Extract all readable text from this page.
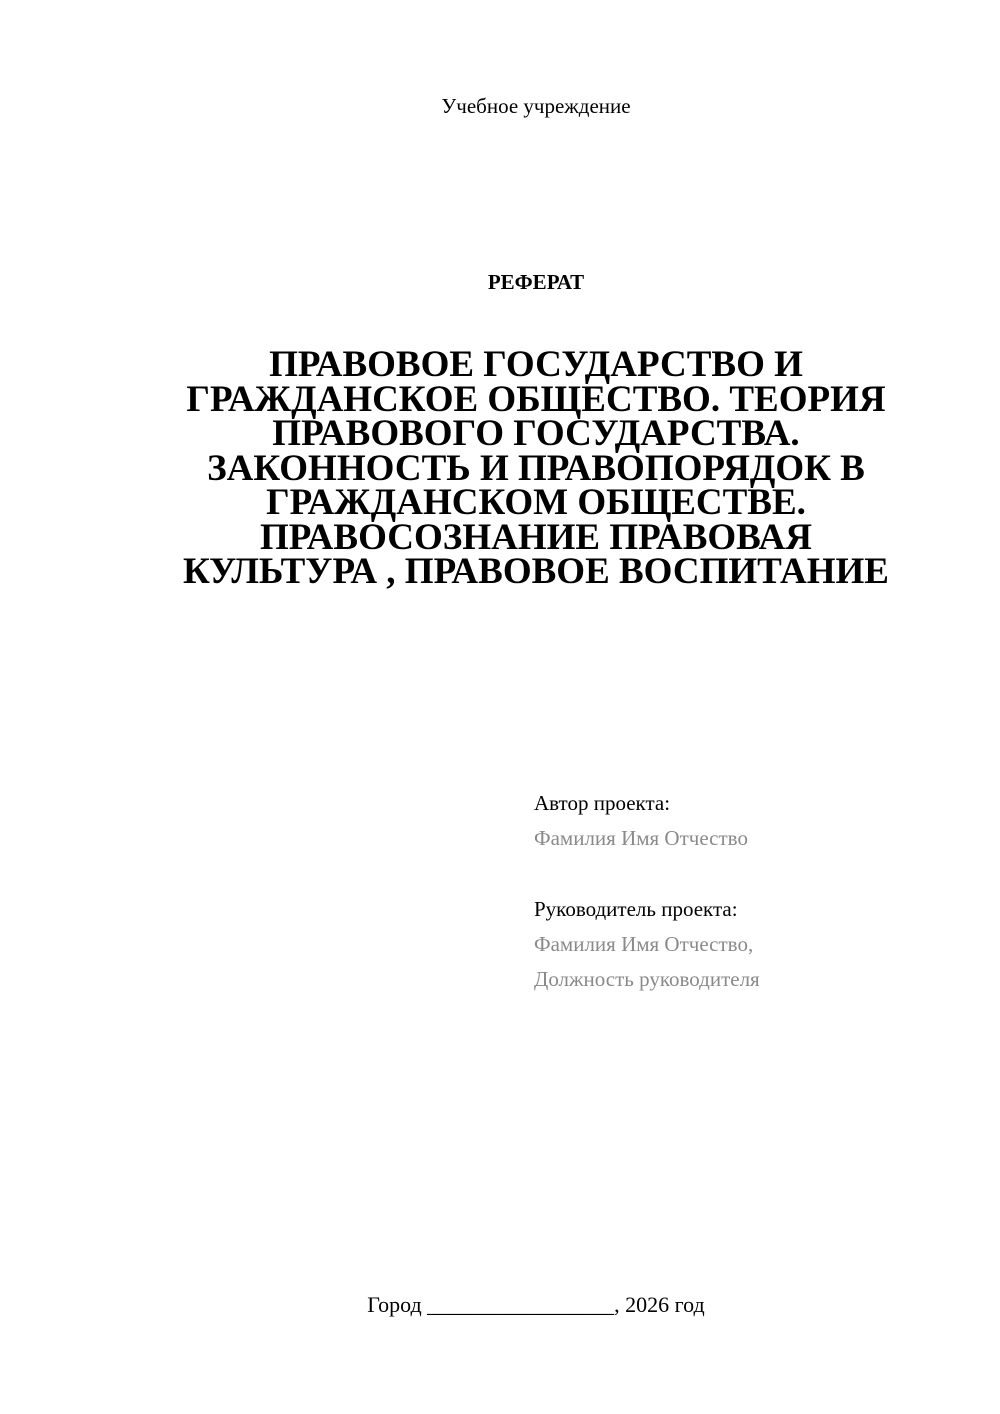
Учебное учреждение
РЕФЕРАТ
ПРАВОВОЕ ГОСУДАРСТВО И
ГРАЖДАНСКОЕ ОБЩЕСТВО. ТЕОРИЯ
ПРАВОВОГО ГОСУДАРСТВА.
ЗАКОННОСТЬ И ПРАВОПОРЯДОК В
ГРАЖДАНСКОМ ОБЩЕСТВЕ.
ПРАВОСОЗНАНИЕ ПРАВОВАЯ
КУЛЬТУРА , ПРАВОВОЕ ВОСПИТАНИЕ
Автор проекта:
Фамилия Имя Отчество
Руководитель проекта:
Фамилия Имя Отчество,
Должность руководителя
Город _________________, 2026 год
